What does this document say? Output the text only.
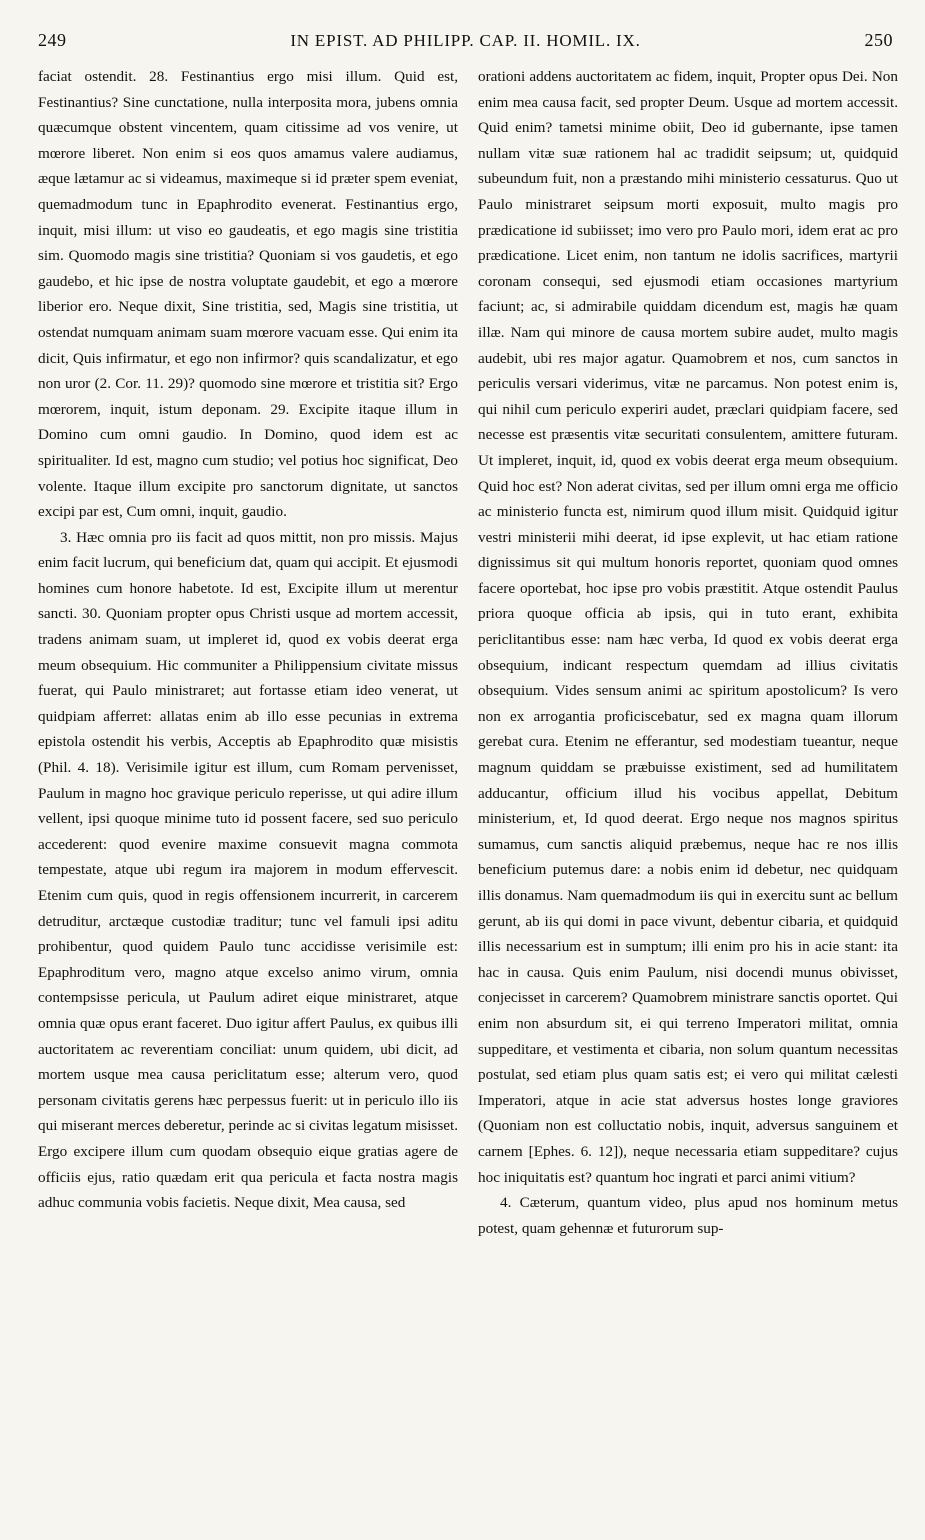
249	IN EPIST. AD PHILIPP. CAP. II. HOMIL. IX.	250

faciat ostendit. 28. Festinantius ergo misi illum. Quid est, Festinantius? Sine cunctatione, nulla interposita mora, jubens omnia quæcumque obstent vincentem, quam citissime ad vos venire, ut mœrore liberet. Non enim si eos quos amamus valere audiamus, æque lætamur ac si videamus, maximeque si id præter spem eveniat, quemadmodum tunc in Epaphrodito evenerat. Festinantius ergo, inquit, misi illum: ut viso eo gaudeatis, et ego magis sine tristitia sim. Quomodo magis sine tristitia? Quoniam si vos gaudetis, et ego gaudebo, et hic ipse de nostra voluptate gaudebit, et ego a mœrore liberior ero. Neque dixit, Sine tristitia, sed, Magis sine tristitia, ut ostendat numquam animam suam mœrore vacuam esse. Qui enim ita dicit, Quis infirmatur, et ego non infirmor? quis scandalizatur, et ego non uror (2. Cor. 11. 29)? quomodo sine mœrore et tristitia sit? Ergo mœrorem, inquit, istum deponam. 29. Excipite itaque illum in Domino cum omni gaudio. In Domino, quod idem est ac spiritualiter. Id est, magno cum studio; vel potius hoc significat, Deo volente. Itaque illum excipite pro sanctorum dignitate, ut sanctos excipi par est, Cum omni, inquit, gaudio.

3. Hæc omnia pro iis facit ad quos mittit, non pro missis. Majus enim facit lucrum, qui beneficium dat, quam qui accipit. Et ejusmodi homines cum honore habetote. Id est, Excipite illum ut merentur sancti. 30. Quoniam propter opus Christi usque ad mortem accessit, tradens animam suam, ut impleret id, quod ex vobis deerat erga meum obsequium. Hic communiter a Philippensium civitate missus fuerat, qui Paulo ministraret; aut fortasse etiam ideo venerat, ut quidpiam afferret: allatas enim ab illo esse pecunias in extrema epistola ostendit his verbis, Acceptis ab Epaphrodito quæ misistis (Phil. 4. 18). Verisimile igitur est illum, cum Romam pervenisset, Paulum in magno hoc gravique periculo reperisse, ut qui adire illum vellent, ipsi quoque minime tuto id possent facere, sed suo periculo accederent: quod evenire maxime consuevit magna commota tempestate, atque ubi regum ira majorem in modum effervescit. Etenim cum quis, quod in regis offensionem incurrerit, in carcerem detruditur, arctæque custodiæ traditur; tunc vel famuli ipsi aditu prohibentur, quod quidem Paulo tunc accidisse verisimile est: Epaphroditum vero, magno atque excelso animo virum, omnia contempsisse pericula, ut Paulum adiret eique ministraret, atque omnia quæ opus erant faceret. Duo igitur affert Paulus, ex quibus illi auctoritatem ac reverentiam conciliat: unum quidem, ubi dicit, ad mortem usque mea causa periclitatum esse; alterum vero, quod personam civitatis gerens hæc perpessus fuerit: ut in periculo illo iis qui miserant merces deberetur, perinde ac si civitas legatum misisset. Ergo excipere illum cum quodam obsequio eique gratias agere de officiis ejus, ratio quædam erit qua pericula et facta nostra magis adhuc communia vobis facietis. Neque dixit, Mea causa, sed

orationi addens auctoritatem ac fidem, inquit, Propter opus Dei. Non enim mea causa facit, sed propter Deum. Usque ad mortem accessit. Quid enim? tametsi minime obiit, Deo id gubernante, ipse tamen nullam vitæ suæ rationem hal ac tradidit seipsum; ut, quidquid subeundum fuit, non a præstando mihi ministerio cessaturus. Quo ut Paulo ministraret seipsum morti exposuit, multo magis pro prædicatione id subiisset; imo vero pro Paulo mori, idem erat ac pro prædicatione. Licet enim, non tantum ne idolis sacrifices, martyrii coronam consequi, sed ejusmodi etiam occasiones martyrium faciunt; ac, si admirabile quiddam dicendum est, magis hæ quam illæ. Nam qui minore de causa mortem subire audet, multo magis audebit, ubi res major agatur. Quamobrem et nos, cum sanctos in periculis versari viderimus, vitæ ne parcamus. Non potest enim is, qui nihil cum periculo experiri audet, præclari quidpiam facere, sed necesse est præsentis vitæ securitati consulentem, amittere futuram. Ut impleret, inquit, id, quod ex vobis deerat erga meum obsequium. Quid hoc est? Non aderat civitas, sed per illum omni erga me officio ac ministerio functa est, nimirum quod illum misit. Quidquid igitur vestri ministerii mihi deerat, id ipse explevit, ut hac etiam ratione dignissimus sit qui multum honoris reportet, quoniam quod omnes facere oportebat, hoc ipse pro vobis præstitit. Atque ostendit Paulus priora quoque officia ab ipsis, qui in tuto erant, exhibita periclitantibus esse: nam hæc verba, Id quod ex vobis deerat erga obsequium, indicant respectum quemdam ad illius civitatis obsequium. Vides sensum animi ac spiritum apostolicum? Is vero non ex arrogantia proficiscebatur, sed ex magna quam illorum gerebat cura. Etenim ne efferantur, sed modestiam tueantur, neque magnum quiddam se præbuisse existiment, sed ad humilitatem adducantur, officium illud his vocibus appellat, Debitum ministerium, et, Id quod deerat. Ergo neque nos magnos spiritus sumamus, cum sanctis aliquid præbemus, neque hac re nos illis beneficium putemus dare: a nobis enim id debetur, nec quidquam illis donamus. Nam quemadmodum iis qui in exercitu sunt ac bellum gerunt, ab iis qui domi in pace vivunt, debentur cibaria, et quidquid illis necessarium est in sumptum; illi enim pro his in acie stant: ita hac in causa. Quis enim Paulum, nisi docendi munus obivisset, conjecisset in carcerem? Quamobrem ministrare sanctis oportet. Qui enim non absurdum sit, ei qui terreno Imperatori militat, omnia suppeditare, et vestimenta et cibaria, non solum quantum necessitas postulat, sed etiam plus quam satis est; ei vero qui militat cælesti Imperatori, atque in acie stat adversus hostes longe graviores (Quoniam non est colluctatio nobis, inquit, adversus sanguinem et carnem [Ephes. 6. 12]), neque necessaria etiam suppeditare? cujus hoc iniquitatis est? quantum hoc ingrati et parci animi vitium?

4. Cæterum, quantum video, plus apud nos hominum metus potest, quam gehennæ et futurorum sup-
